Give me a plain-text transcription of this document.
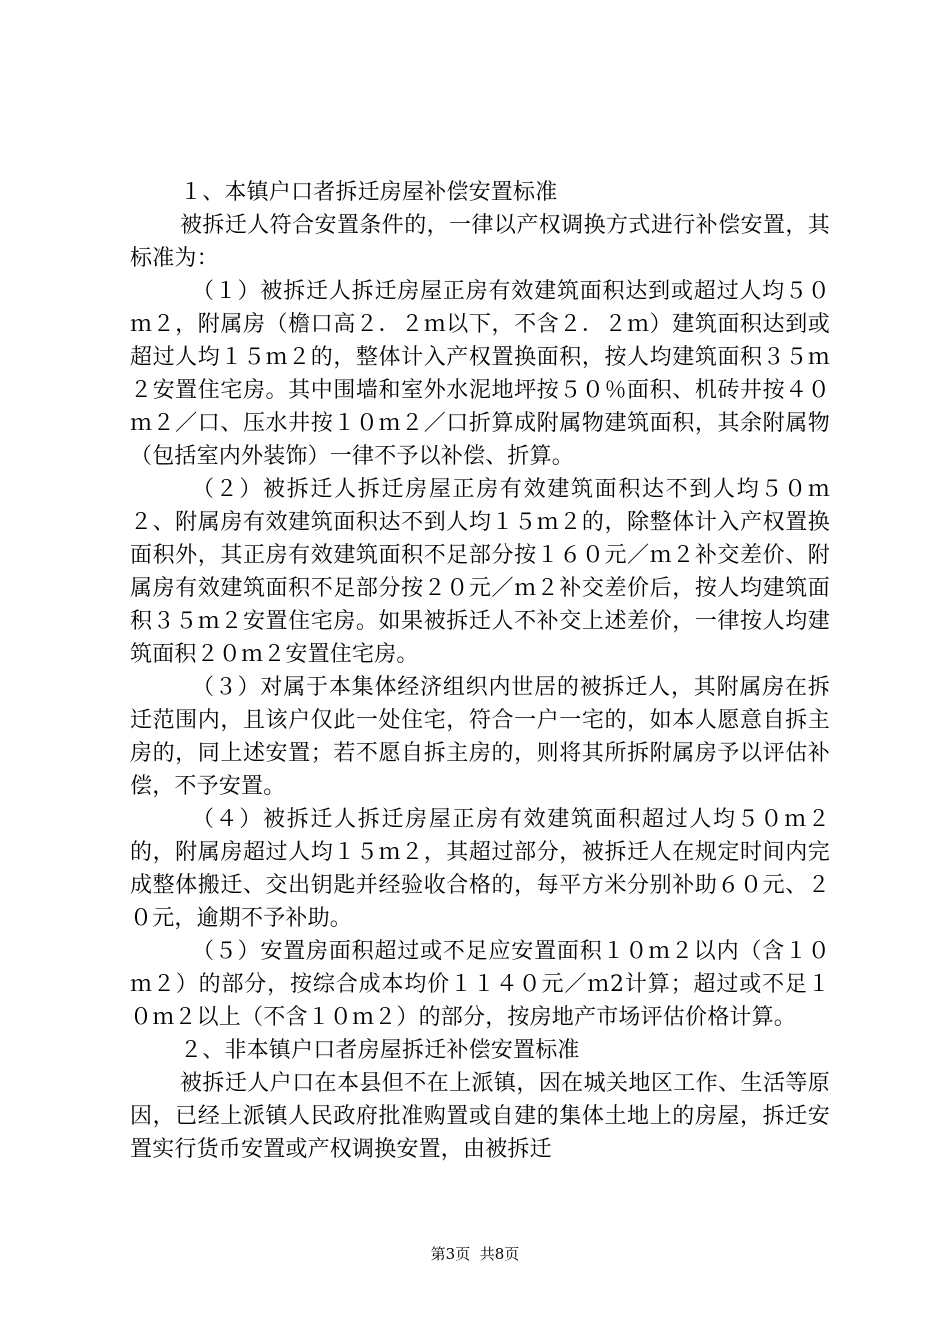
１、本镇户口者拆迁房屋补偿安置标准

被拆迁人符合安置条件的，一律以产权调换方式进行补偿安置，其标准为：

（１）被拆迁人拆迁房屋正房有效建筑面积达到或超过人均５０ｍ２，附属房（檐口高２．２ｍ以下，不含２．２ｍ）建筑面积达到或超过人均１５ｍ２的，整体计入产权置换面积，按人均建筑面积３５ｍ２安置住宅房。其中围墙和室外水泥地坪按５０％面积、机砖井按４０ｍ２／口、压水井按１０ｍ２／口折算成附属物建筑面积，其余附属物（包括室内外装饰）一律不予以补偿、折算。

（２）被拆迁人拆迁房屋正房有效建筑面积达不到人均５０ｍ２、附属房有效建筑面积达不到人均１５ｍ２的，除整体计入产权置换面积外，其正房有效建筑面积不足部分按１６０元／ｍ２补交差价、附属房有效建筑面积不足部分按２０元／ｍ２补交差价后，按人均建筑面积３５ｍ２安置住宅房。如果被拆迁人不补交上述差价，一律按人均建筑面积２０ｍ２安置住宅房。

（３）对属于本集体经济组织内世居的被拆迁人，其附属房在拆迁范围内，且该户仅此一处住宅，符合一户一宅的，如本人愿意自拆主房的，同上述安置；若不愿自拆主房的，则将其所拆附属房予以评估补偿，不予安置。

（４）被拆迁人拆迁房屋正房有效建筑面积超过人均５０ｍ２的，附属房超过人均１５ｍ２，其超过部分，被拆迁人在规定时间内完成整体搬迁、交出钥匙并经验收合格的，每平方米分别补助６０元、２０元，逾期不予补助。

（５）安置房面积超过或不足应安置面积１０ｍ２以内（含１０ｍ２）的部分，按综合成本均价１１４０元／ｍ2计算；超过或不足１０ｍ２以上（不含１０ｍ２）的部分，按房地产市场评估价格计算。

２、非本镇户口者房屋拆迁补偿安置标准

被拆迁人户口在本县但不在上派镇，因在城关地区工作、生活等原因，已经上派镇人民政府批准购置或自建的集体土地上的房屋，拆迁安置实行货币安置或产权调换安置，由被拆迁

第3页 共8页
